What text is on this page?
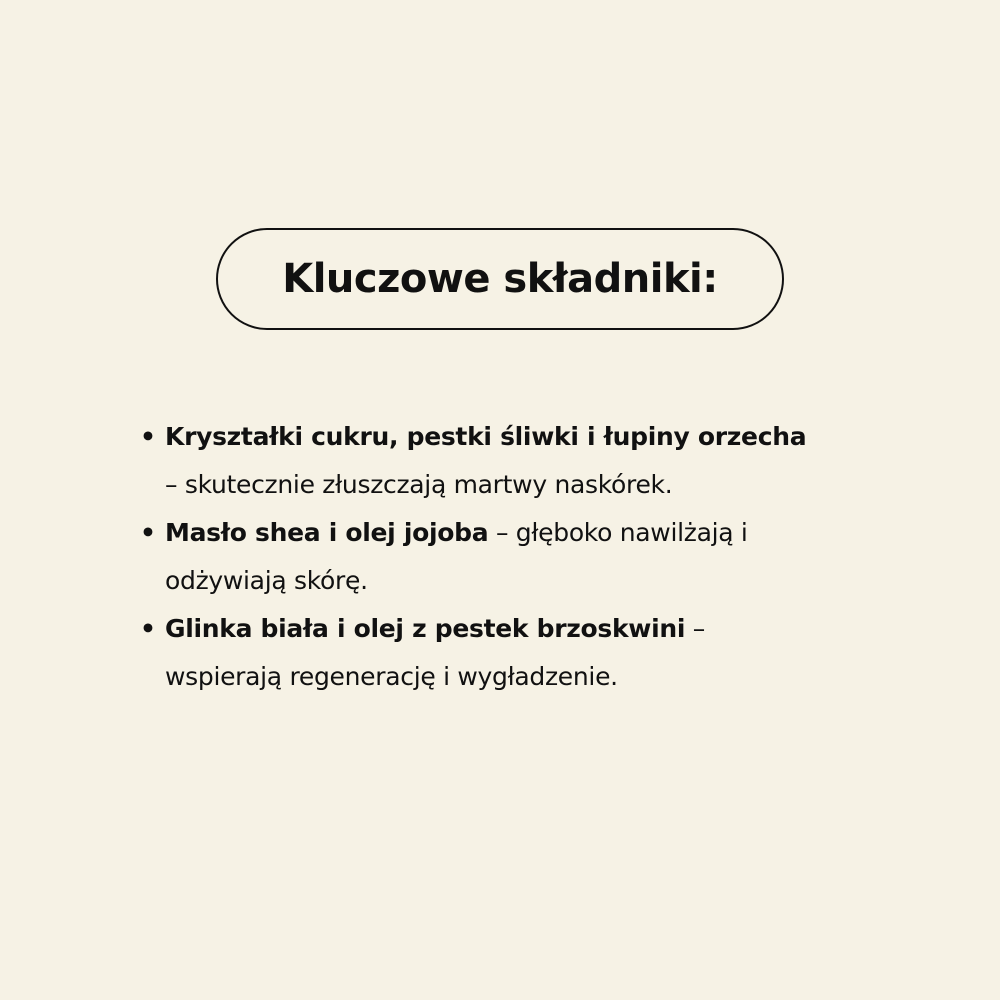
Kluczowe składniki:
• Kryształki cukru, pestki śliwki i łupiny orzecha
– skutecznie złuszczają martwy naskórek.
• Masło shea i olej jojoba – głęboko nawilżają i
odżywiają skórę.
• Glinka biała i olej z pestek brzoskwini –
wspierają regenerację i wygładzenie.
